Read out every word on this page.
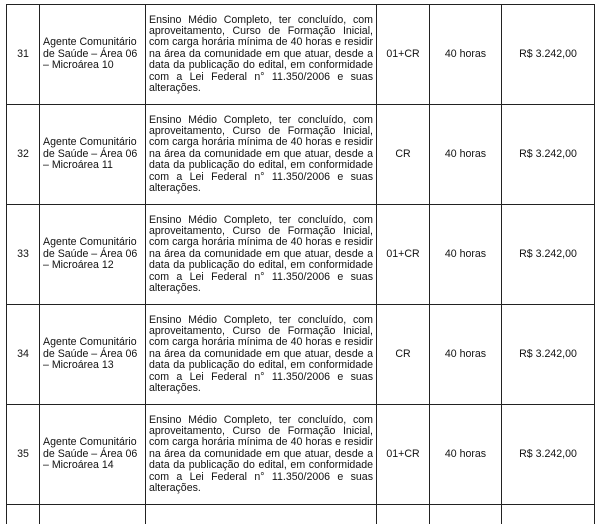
31	Agente Comunitário de Saúde – Área 06 – Microárea 10	Ensino Médio Completo, ter concluído, com aproveitamento, Curso de Formação Inicial, com carga horária mínima de 40 horas e residir na área da comunidade em que atuar, desde a data da publicação do edital, em conformidade com a Lei Federal n° 11.350/2006 e suas alterações.	01+CR	40 horas	R$ 3.242,00
32	Agente Comunitário de Saúde – Área 06 – Microárea 11	Ensino Médio Completo, ter concluído, com aproveitamento, Curso de Formação Inicial, com carga horária mínima de 40 horas e residir na área da comunidade em que atuar, desde a data da publicação do edital, em conformidade com a Lei Federal n° 11.350/2006 e suas alterações.	CR	40 horas	R$ 3.242,00
33	Agente Comunitário de Saúde – Área 06 – Microárea 12	Ensino Médio Completo, ter concluído, com aproveitamento, Curso de Formação Inicial, com carga horária mínima de 40 horas e residir na área da comunidade em que atuar, desde a data da publicação do edital, em conformidade com a Lei Federal n° 11.350/2006 e suas alterações.	01+CR	40 horas	R$ 3.242,00
34	Agente Comunitário de Saúde – Área 06 – Microárea 13	Ensino Médio Completo, ter concluído, com aproveitamento, Curso de Formação Inicial, com carga horária mínima de 40 horas e residir na área da comunidade em que atuar, desde a data da publicação do edital, em conformidade com a Lei Federal n° 11.350/2006 e suas alterações.	CR	40 horas	R$ 3.242,00
35	Agente Comunitário de Saúde – Área 06 – Microárea 14	Ensino Médio Completo, ter concluído, com aproveitamento, Curso de Formação Inicial, com carga horária mínima de 40 horas e residir na área da comunidade em que atuar, desde a data da publicação do edital, em conformidade com a Lei Federal n° 11.350/2006 e suas alterações.	01+CR	40 horas	R$ 3.242,00
